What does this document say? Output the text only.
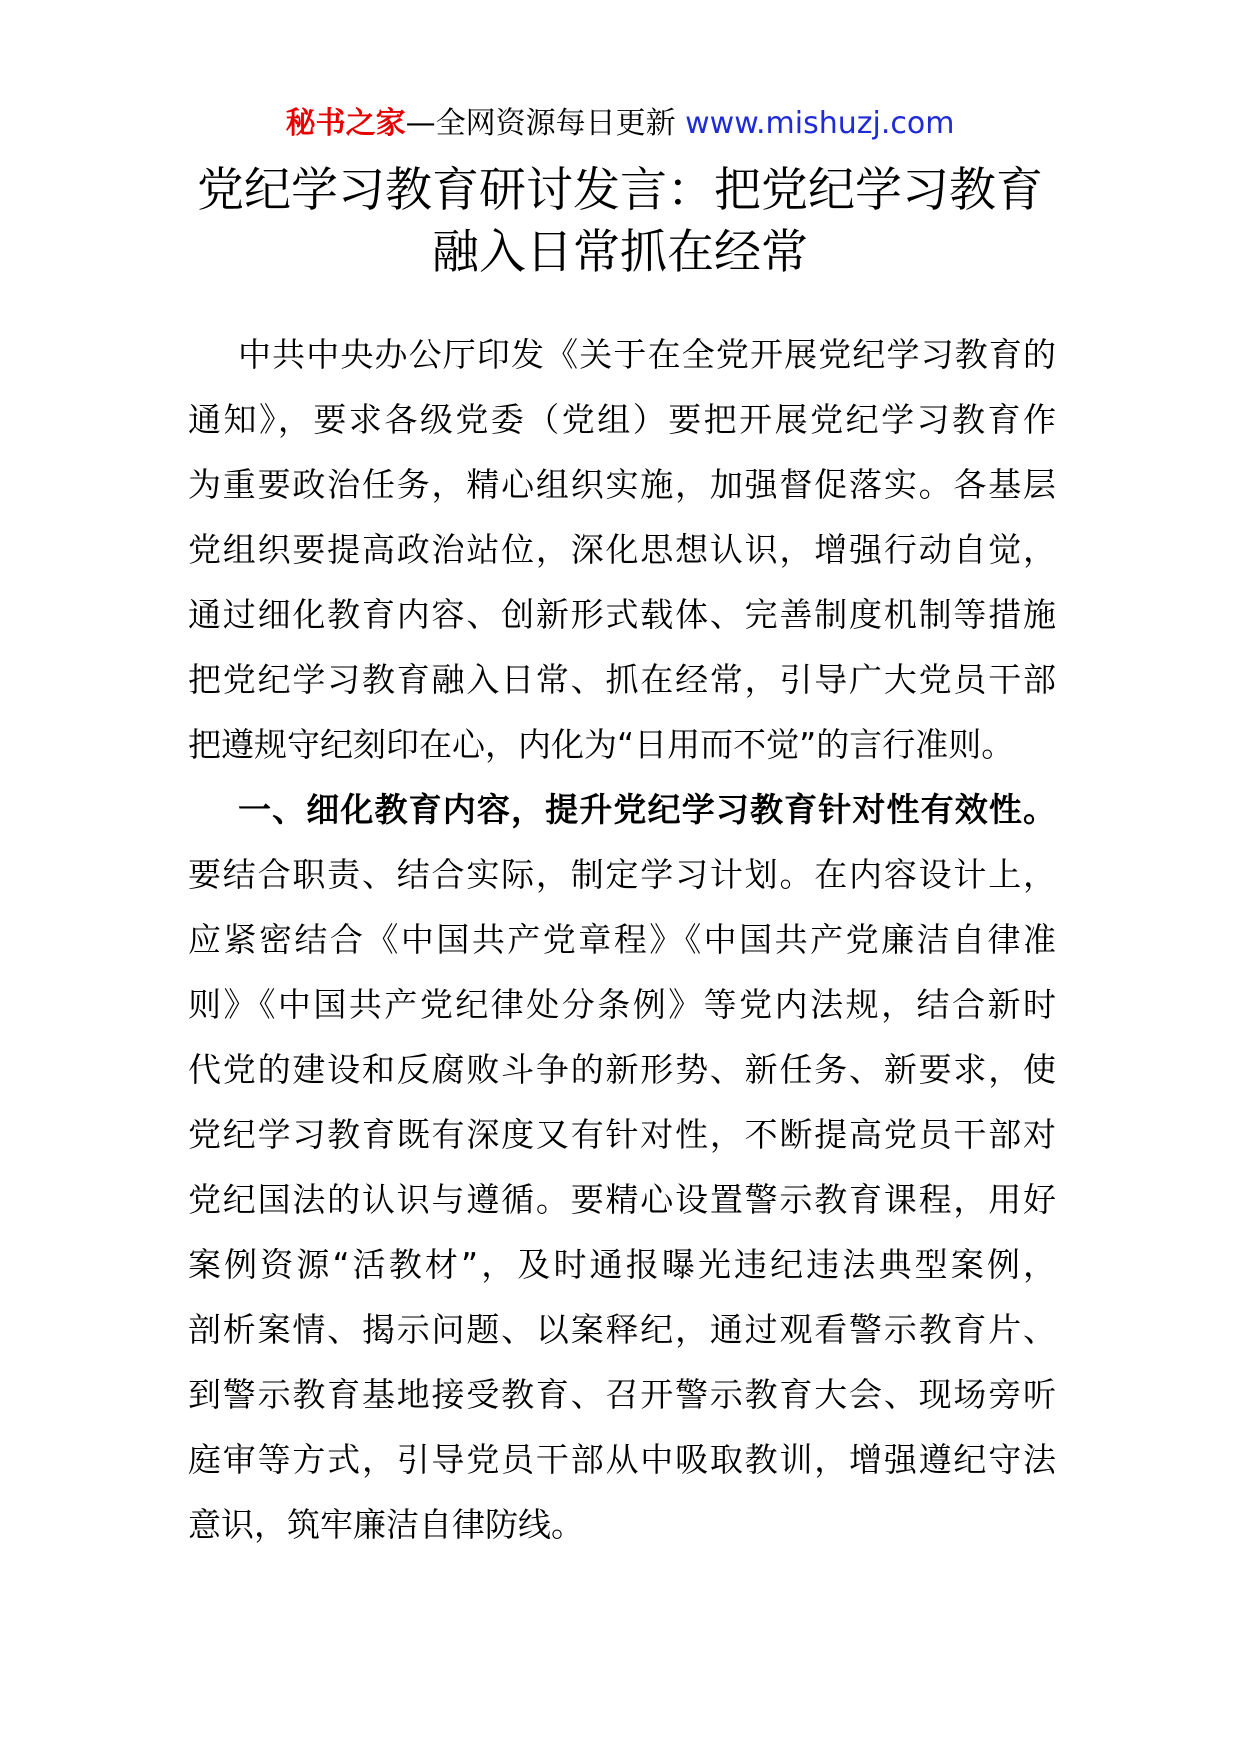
秘书之家—全网资源每日更新 www.mishuzj.com
党纪学习教育研讨发言：把党纪学习教育
融入日常抓在经常
中共中央办公厅印发《关于在全党开展党纪学习教育的
通知》，要求各级党委（党组）要把开展党纪学习教育作
为重要政治任务，精心组织实施，加强督促落实。各基层
党组织要提高政治站位，深化思想认识，增强行动自觉，
通过细化教育内容、创新形式载体、完善制度机制等措施
把党纪学习教育融入日常、抓在经常，引导广大党员干部
把遵规守纪刻印在心，内化为“日用而不觉”的言行准则。
一、细化教育内容，提升党纪学习教育针对性有效性。
要结合职责、结合实际，制定学习计划。在内容设计上，
应紧密结合《中国共产党章程》《中国共产党廉洁自律准
则》《中国共产党纪律处分条例》等党内法规，结合新时
代党的建设和反腐败斗争的新形势、新任务、新要求，使
党纪学习教育既有深度又有针对性，不断提高党员干部对
党纪国法的认识与遵循。要精心设置警示教育课程，用好
案例资源“活教材”，及时通报曝光违纪违法典型案例，
剖析案情、揭示问题、以案释纪，通过观看警示教育片、
到警示教育基地接受教育、召开警示教育大会、现场旁听
庭审等方式，引导党员干部从中吸取教训，增强遵纪守法
意识，筑牢廉洁自律防线。
